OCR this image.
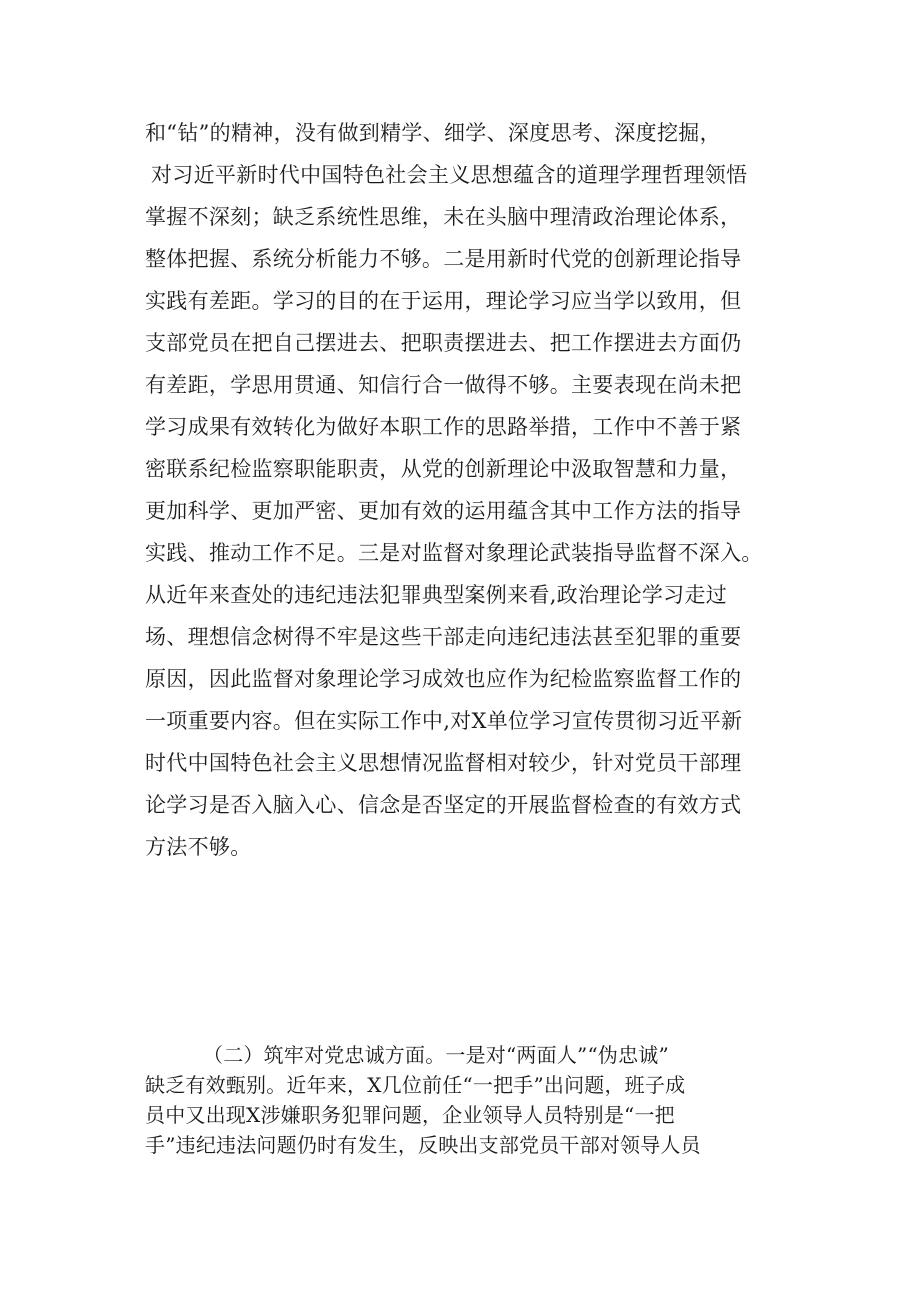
和“钻”的精神，没有做到精学、细学、深度思考、深度挖掘，
对习近平新时代中国特色社会主义思想蕴含的道理学理哲理领悟
掌握不深刻；缺乏系统性思维，未在头脑中理清政治理论体系，
整体把握、系统分析能力不够。二是用新时代党的创新理论指导
实践有差距。学习的目的在于运用，理论学习应当学以致用，但
支部党员在把自己摆进去、把职责摆进去、把工作摆进去方面仍
有差距，学思用贯通、知信行合一做得不够。主要表现在尚未把
学习成果有效转化为做好本职工作的思路举措，工作中不善于紧
密联系纪检监察职能职责，从党的创新理论中汲取智慧和力量，
更加科学、更加严密、更加有效的运用蕴含其中工作方法的指导
实践、推动工作不足。三是对监督对象理论武装指导监督不深入。
从近年来查处的违纪违法犯罪典型案例来看,政治理论学习走过
场、理想信念树得不牢是这些干部走向违纪违法甚至犯罪的重要
原因，因此监督对象理论学习成效也应作为纪检监察监督工作的
一项重要内容。但在实际工作中,对X单位学习宣传贯彻习近平新
时代中国特色社会主义思想情况监督相对较少，针对党员干部理
论学习是否入脑入心、信念是否坚定的开展监督检查的有效方式
方法不够。
（二）筑牢对党忠诚方面。一是对“两面人”“伪忠诚”
缺乏有效甄别。近年来，X几位前任“一把手”出问题，班子成
员中又出现X涉嫌职务犯罪问题，企业领导人员特别是“一把
手”违纪违法问题仍时有发生，反映出支部党员干部对领导人员
